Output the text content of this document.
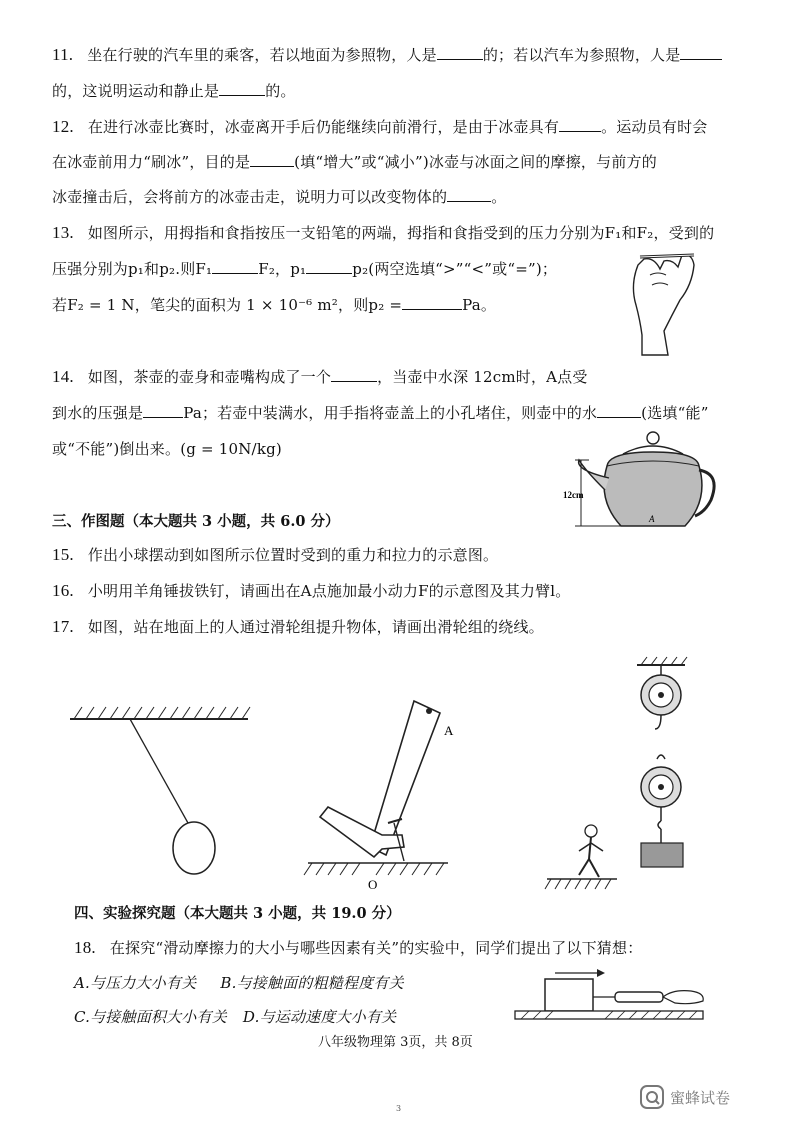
11. 坐在行驶的汽车里的乘客，若以地面为参照物，人是	的；若以汽车为参照物，人是
的，这说明运动和静止是	的。
12. 在进行冰壶比赛时，冰壶离开手后仍能继续向前滑行，是由于冰壶具有	。运动员有时会
在冰壶前用力“刷冰”，目的是	(填“增大”或“减小”)冰壶与冰面之间的摩擦，与前方的
冰壶撞击后，会将前方的冰壶击走，说明力可以改变物体的	。
13. 如图所示，用拇指和食指按压一支铅笔的两端，拇指和食指受到的压力分别为F₁和F₂，受到的
压强分别为p₁和p₂.则F₁	F₂，p₁	p₂(两空选填“>”“<”或“=”)；
若F₂ = 1 N，笔尖的面积为 1 × 10⁻⁶ m²，则p₂ =	Pa。
14. 如图，茶壶的壶身和壶嘴构成了一个	，当壶中水深 12cm时，A点受
到水的压强是	Pa；若壶中装满水，用手指将壶盖上的小孔堵住，则壶中的水	(选填“能”
或“不能”)倒出来。(g = 10N/kg)
12cm
A
三、作图题（本大题共 3 小题，共 6.0 分）
15. 作出小球摆动到如图所示位置时受到的重力和拉力的示意图。
16. 小明用羊角锤拔铁钉，请画出在A点施加最小动力F的示意图及其力臂l。
17. 如图，站在地面上的人通过滑轮组提升物体，请画出滑轮组的绕线。
A
O
四、实验探究题（本大题共 3 小题，共 19.0 分）
18. 在探究“滑动摩擦力的大小与哪些因素有关”的实验中，同学们提出了以下猜想：
A.与压力大小有关 B.与接触面的粗糙程度有关
C.与接触面积大小有关 D.与运动速度大小有关
八年级物理第 3页，共 8页
3
蜜蜂试卷
